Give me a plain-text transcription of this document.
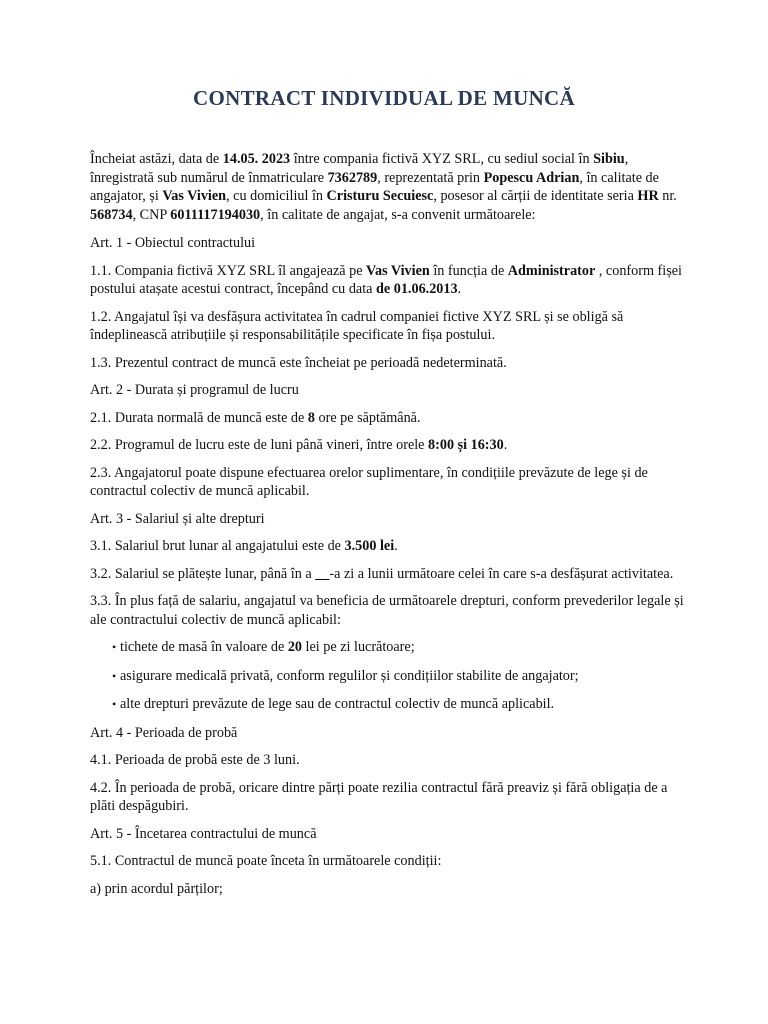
CONTRACT INDIVIDUAL DE MUNCĂ

Încheiat astăzi, data de 14.05. 2023 între compania fictivă XYZ SRL, cu sediul social în Sibiu, înregistrată sub numărul de înmatriculare 7362789, reprezentată prin Popescu Adrian, în calitate de angajator, și Vas Vivien, cu domiciliul în Cristuru Secuiesc, posesor al cărții de identitate seria HR nr. 568734, CNP 6011117194030, în calitate de angajat, s-a convenit următoarele:

Art. 1 - Obiectul contractului

1.1. Compania fictivă XYZ SRL îl angajează pe Vas Vivien în funcția de Administrator , conform fișei postului atașate acestui contract, începând cu data de 01.06.2013.

1.2. Angajatul își va desfășura activitatea în cadrul companiei fictive XYZ SRL și se obligă să îndeplinească atribuțiile și responsabilitățile specificate în fișa postului.

1.3. Prezentul contract de muncă este încheiat pe perioadă nedeterminată.

Art. 2 - Durata și programul de lucru

2.1. Durata normală de muncă este de 8 ore pe săptămână.

2.2. Programul de lucru este de luni până vineri, între orele 8:00 și 16:30.

2.3. Angajatorul poate dispune efectuarea orelor suplimentare, în condițiile prevăzute de lege și de contractul colectiv de muncă aplicabil.

Art. 3 - Salariul și alte drepturi

3.1. Salariul brut lunar al angajatului este de 3.500 lei.

3.2. Salariul se plătește lunar, până în a __-a zi a lunii următoare celei în care s-a desfășurat activitatea.

3.3. În plus față de salariu, angajatul va beneficia de următoarele drepturi, conform prevederilor legale și ale contractului colectiv de muncă aplicabil:

• tichete de masă în valoare de 20 lei pe zi lucrătoare;
• asigurare medicală privată, conform regulilor și condițiilor stabilite de angajator;
• alte drepturi prevăzute de lege sau de contractul colectiv de muncă aplicabil.

Art. 4 - Perioada de probă

4.1. Perioada de probă este de 3 luni.

4.2. În perioada de probă, oricare dintre părți poate rezilia contractul fără preaviz și fără obligația de a plăti despăgubiri.

Art. 5 - Încetarea contractului de muncă

5.1. Contractul de muncă poate înceta în următoarele condiții:

a) prin acordul părților;
